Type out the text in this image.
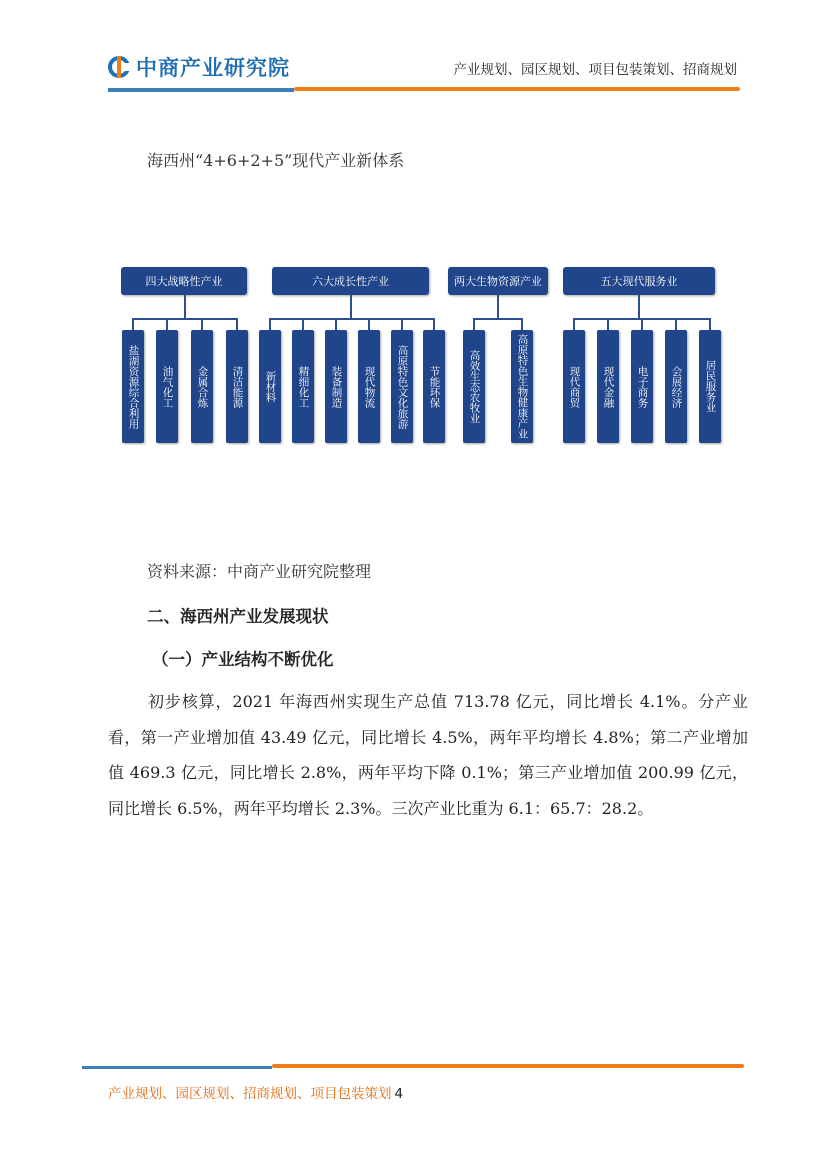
中商产业研究院	产业规划、园区规划、项目包装策划、招商规划
海西州“4+6+2+5”现代产业新体系
四大战略性产业
盐湖资源综合利用	油气化工	金属合炼	清洁能源
六大成长性产业
新材料	精细化工	装备制造	现代物流	高原特色文化旅游	节能环保
两大生物资源产业
高效生态农牧业	高原特色生物健康产业
五大现代服务业
现代商贸	现代金融	电子商务	会展经济	居民服务业
资料来源：中商产业研究院整理
二、海西州产业发展现状
（一）产业结构不断优化
初步核算，2021 年海西州实现生产总值 713.78 亿元，同比增长 4.1%。分产业看，第一产业增加值 43.49 亿元，同比增长 4.5%，两年平均增长 4.8%；第二产业增加值 469.3 亿元，同比增长 2.8%，两年平均下降 0.1%；第三产业增加值 200.99 亿元，同比增长 6.5%，两年平均增长 2.3%。三次产业比重为 6.1：65.7：28.2。
产业规划、园区规划、招商规划、项目包装策划 4
